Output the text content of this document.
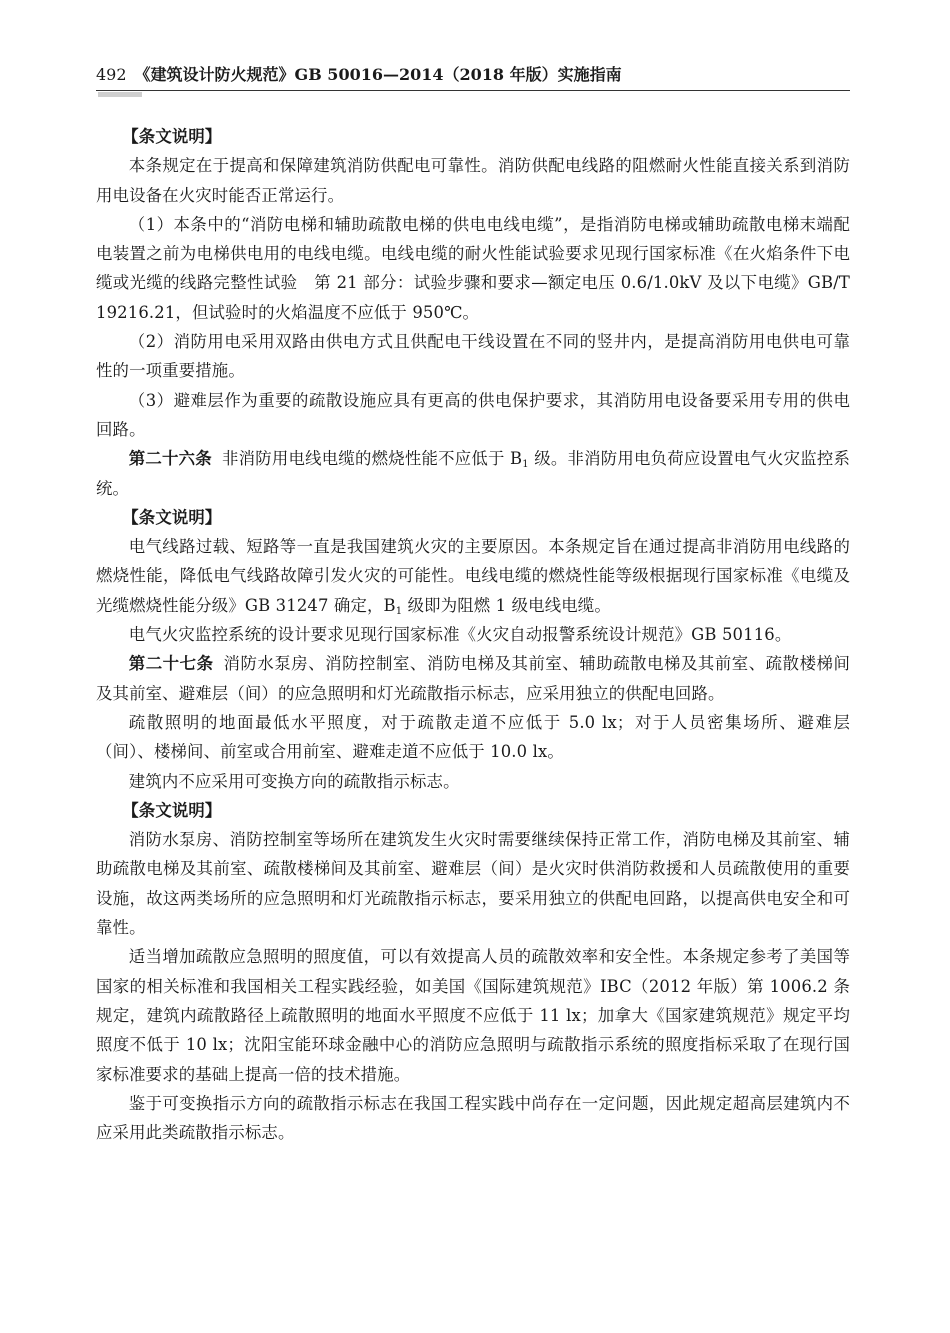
492 《建筑设计防火规范》GB 50016—2014（2018 年版）实施指南

【条文说明】

本条规定在于提高和保障建筑消防供配电可靠性。消防供配电线路的阻燃耐火性能直接关系到消防用电设备在火灾时能否正常运行。

（1）本条中的“消防电梯和辅助疏散电梯的供电电线电缆”，是指消防电梯或辅助疏散电梯末端配电装置之前为电梯供电用的电线电缆。电线电缆的耐火性能试验要求见现行国家标准《在火焰条件下电缆或光缆的线路完整性试验　第 21 部分：试验步骤和要求—额定电压 0.6/1.0kV 及以下电缆》GB/T 19216.21，但试验时的火焰温度不应低于 950℃。

（2）消防用电采用双路由供电方式且供配电干线设置在不同的竖井内，是提高消防用电供电可靠性的一项重要措施。

（3）避难层作为重要的疏散设施应具有更高的供电保护要求，其消防用电设备要采用专用的供电回路。

第二十六条 非消防用电线电缆的燃烧性能不应低于 $B_1$ 级。非消防用电负荷应设置电气火灾监控系统。

【条文说明】

电气线路过载、短路等一直是我国建筑火灾的主要原因。本条规定旨在通过提高非消防用电线路的燃烧性能，降低电气线路故障引发火灾的可能性。电线电缆的燃烧性能等级根据现行国家标准《电缆及光缆燃烧性能分级》GB 31247 确定，$B_1$ 级即为阻燃 1 级电线电缆。

电气火灾监控系统的设计要求见现行国家标准《火灾自动报警系统设计规范》GB 50116。

第二十七条 消防水泵房、消防控制室、消防电梯及其前室、辅助疏散电梯及其前室、疏散楼梯间及其前室、避难层（间）的应急照明和灯光疏散指示标志，应采用独立的供配电回路。

疏散照明的地面最低水平照度，对于疏散走道不应低于 5.0 lx；对于人员密集场所、避难层（间）、楼梯间、前室或合用前室、避难走道不应低于 10.0 lx。

建筑内不应采用可变换方向的疏散指示标志。

【条文说明】

消防水泵房、消防控制室等场所在建筑发生火灾时需要继续保持正常工作，消防电梯及其前室、辅助疏散电梯及其前室、疏散楼梯间及其前室、避难层（间）是火灾时供消防救援和人员疏散使用的重要设施，故这两类场所的应急照明和灯光疏散指示标志，要采用独立的供配电回路，以提高供电安全和可靠性。

适当增加疏散应急照明的照度值，可以有效提高人员的疏散效率和安全性。本条规定参考了美国等国家的相关标准和我国相关工程实践经验，如美国《国际建筑规范》IBC（2012 年版）第 1006.2 条规定，建筑内疏散路径上疏散照明的地面水平照度不应低于 11 lx；加拿大《国家建筑规范》规定平均照度不低于 10 lx；沈阳宝能环球金融中心的消防应急照明与疏散指示系统的照度指标采取了在现行国家标准要求的基础上提高一倍的技术措施。

鉴于可变换指示方向的疏散指示标志在我国工程实践中尚存在一定问题，因此规定超高层建筑内不应采用此类疏散指示标志。
